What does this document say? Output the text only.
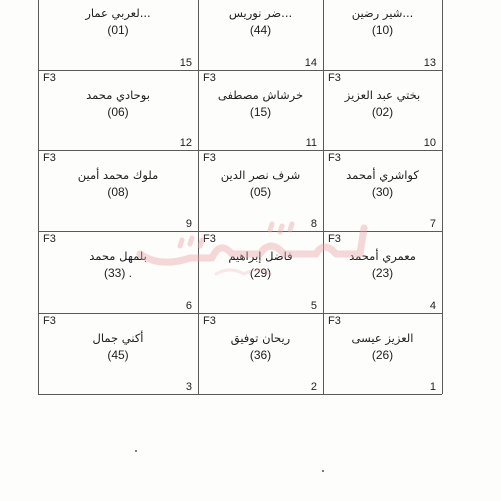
...لعربي عمار
(01)
15
...ضر نوريس
(44)
14
...شير رضين
(10)
13
F3
بوحادي محمد
(06)
12
F3
خرشاش مصطفى
(15)
11
F3
بختي عبد العزيز
(02)
10
F3
ملوك محمد أمين
(08)
9
F3
شرف نصر الدين
(05)
8
F3
كواشري أمحمد
(30)
7
F3
بلمهل محمد
(33) .
6
F3
فاضل إبراهيم
(29)
5
F3
معمري أمحمد
(23)
4
F3
أكني جمال
(45)
3
F3
ريحان توفيق
(36)
2
F3
العزيز عيسى
(26)
1
